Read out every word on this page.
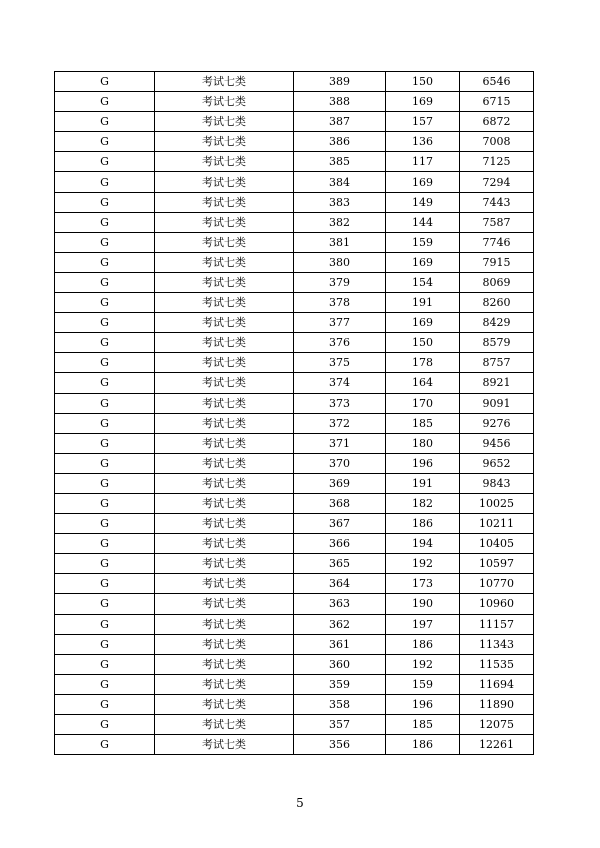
G	考试七类	389	150	6546
G	考试七类	388	169	6715
G	考试七类	387	157	6872
G	考试七类	386	136	7008
G	考试七类	385	117	7125
G	考试七类	384	169	7294
G	考试七类	383	149	7443
G	考试七类	382	144	7587
G	考试七类	381	159	7746
G	考试七类	380	169	7915
G	考试七类	379	154	8069
G	考试七类	378	191	8260
G	考试七类	377	169	8429
G	考试七类	376	150	8579
G	考试七类	375	178	8757
G	考试七类	374	164	8921
G	考试七类	373	170	9091
G	考试七类	372	185	9276
G	考试七类	371	180	9456
G	考试七类	370	196	9652
G	考试七类	369	191	9843
G	考试七类	368	182	10025
G	考试七类	367	186	10211
G	考试七类	366	194	10405
G	考试七类	365	192	10597
G	考试七类	364	173	10770
G	考试七类	363	190	10960
G	考试七类	362	197	11157
G	考试七类	361	186	11343
G	考试七类	360	192	11535
G	考试七类	359	159	11694
G	考试七类	358	196	11890
G	考试七类	357	185	12075
G	考试七类	356	186	12261
5
